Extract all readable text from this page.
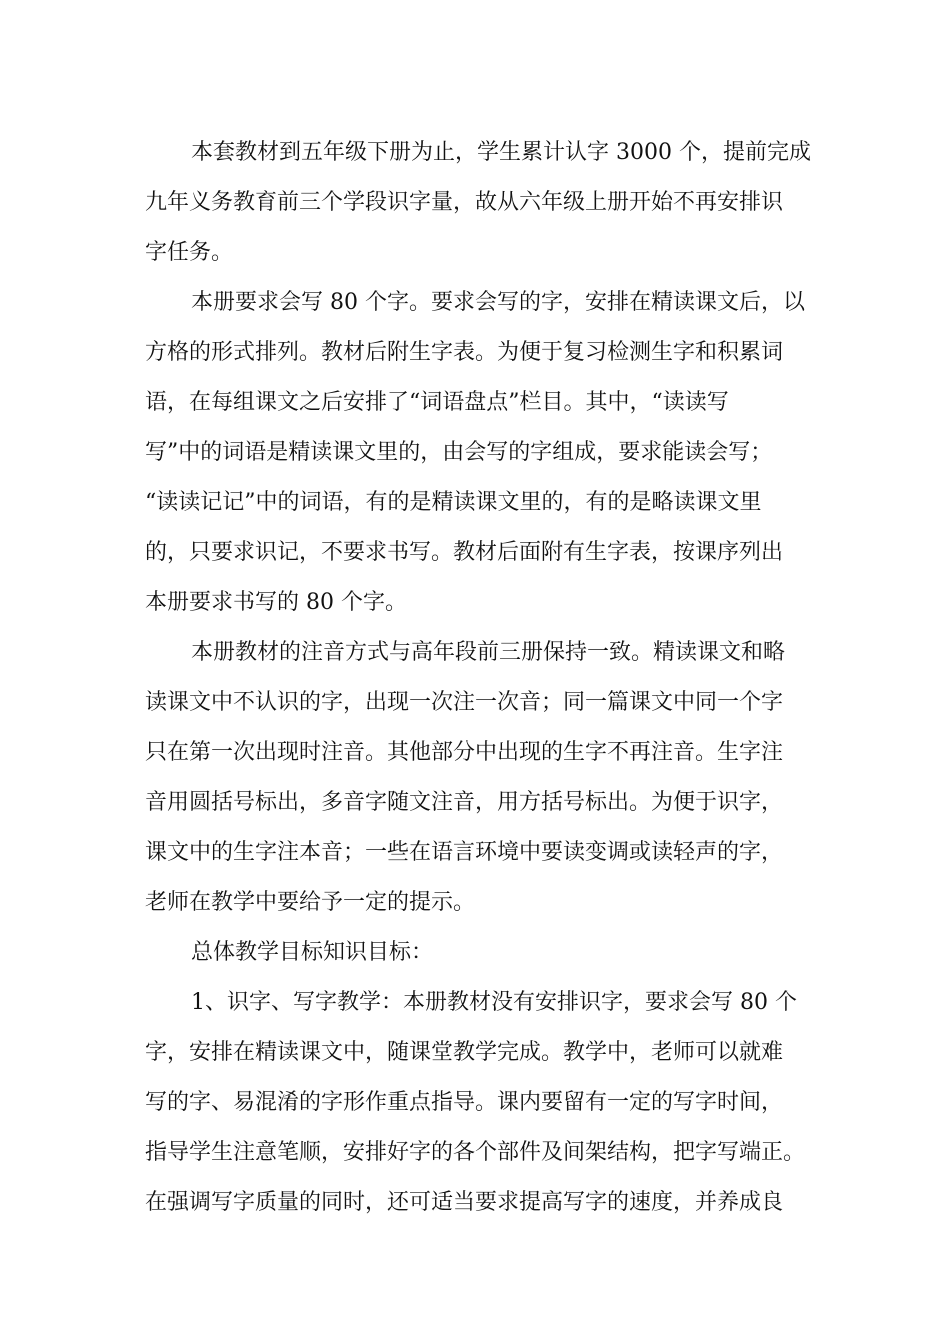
本套教材到五年级下册为止，学生累计认字 3000 个，提前完成
九年义务教育前三个学段识字量，故从六年级上册开始不再安排识
字任务。
本册要求会写 80 个字。要求会写的字，安排在精读课文后，以
方格的形式排列。教材后附生字表。为便于复习检测生字和积累词
语，在每组课文之后安排了“词语盘点”栏目。其中，“读读写
写”中的词语是精读课文里的，由会写的字组成，要求能读会写；
“读读记记”中的词语，有的是精读课文里的，有的是略读课文里
的，只要求识记，不要求书写。教材后面附有生字表，按课序列出
本册要求书写的 80 个字。
本册教材的注音方式与高年段前三册保持一致。精读课文和略
读课文中不认识的字，出现一次注一次音；同一篇课文中同一个字
只在第一次出现时注音。其他部分中出现的生字不再注音。生字注
音用圆括号标出，多音字随文注音，用方括号标出。为便于识字，
课文中的生字注本音；一些在语言环境中要读变调或读轻声的字，
老师在教学中要给予一定的提示。
总体教学目标知识目标：
1、识字、写字教学：本册教材没有安排识字，要求会写 80 个
字，安排在精读课文中，随课堂教学完成。教学中，老师可以就难
写的字、易混淆的字形作重点指导。课内要留有一定的写字时间，
指导学生注意笔顺，安排好字的各个部件及间架结构，把字写端正。
在强调写字质量的同时，还可适当要求提高写字的速度，并养成良
